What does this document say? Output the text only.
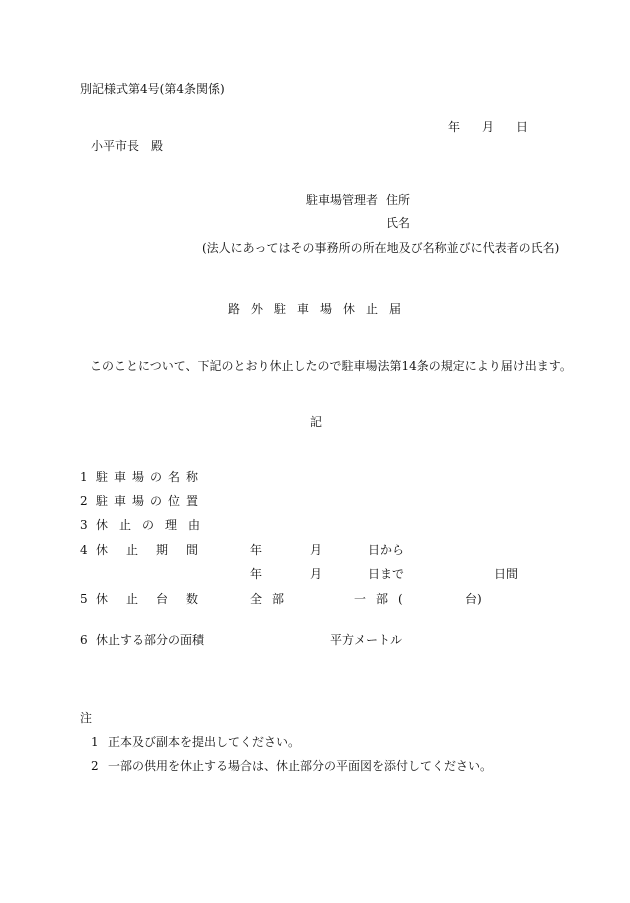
別記様式第4号(第4条関係)
年 月 日
小平市長　殿
駐車場管理者 住所
氏名
(法人にあってはその事務所の所在地及び名称並びに代表者の氏名)
路外駐車場休止届
このことについて、下記のとおり休止したので駐車場法第14条の規定により届け出ます。
記
1 駐車場の名称
2 駐車場の位置
3 休止の理由
4 休止期間	年	月	日から
年	月	日まで	日間
5 休止台数	全部	一部(	台)
6 休止する部分の面積	平方メートル
注
1 正本及び副本を提出してください。
2 一部の供用を休止する場合は、休止部分の平面図を添付してください。
